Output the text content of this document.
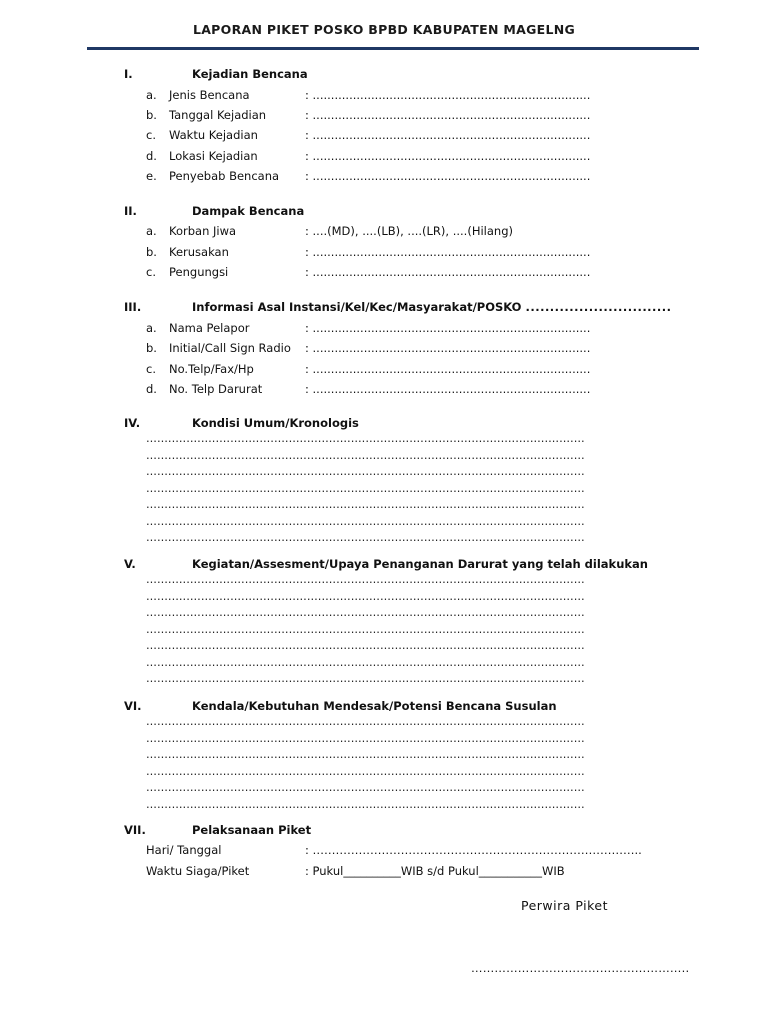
LAPORAN PIKET POSKO BPBD KABUPATEN MAGELNG
I.	Kejadian Bencana
a. Jenis Bencana	: ............................................................................
b. Tanggal Kejadian	: ............................................................................
c. Waktu Kejadian	: ............................................................................
d. Lokasi Kejadian	: ............................................................................
e. Penyebab Bencana : ............................................................................
II.	Dampak Bencana
a. Korban Jiwa	: ....(MD), ....(LB), ....(LR), ....(Hilang)
b. Kerusakan	: ............................................................................
c. Pengungsi	: ............................................................................
III.	Informasi Asal Instansi/Kel/Kec/Masyarakat/POSKO ..............................
a. Nama Pelapor	: ............................................................................
b. Initial/Call Sign Radio : ............................................................................
c. No.Telp/Fax/Hp	: ............................................................................
d. No. Telp Darurat	: ............................................................................
IV.	Kondisi Umum/Kronologis
........................................................................................................................
........................................................................................................................
........................................................................................................................
........................................................................................................................
........................................................................................................................
........................................................................................................................
........................................................................................................................
V.	Kegiatan/Assesment/Upaya Penanganan Darurat yang telah dilakukan
........................................................................................................................
........................................................................................................................
........................................................................................................................
........................................................................................................................
........................................................................................................................
........................................................................................................................
........................................................................................................................
VI.	Kendala/Kebutuhan Mendesak/Potensi Bencana Susulan
........................................................................................................................
........................................................................................................................
........................................................................................................................
........................................................................................................................
........................................................................................................................
........................................................................................................................
VII.	Pelaksanaan Piket
Hari/ Tanggal	: …………………………………………………………………………..
Waktu Siaga/Piket	: Pukul__________WIB s/d Pukul___________WIB
Perwira Piket
………………………………………………..
